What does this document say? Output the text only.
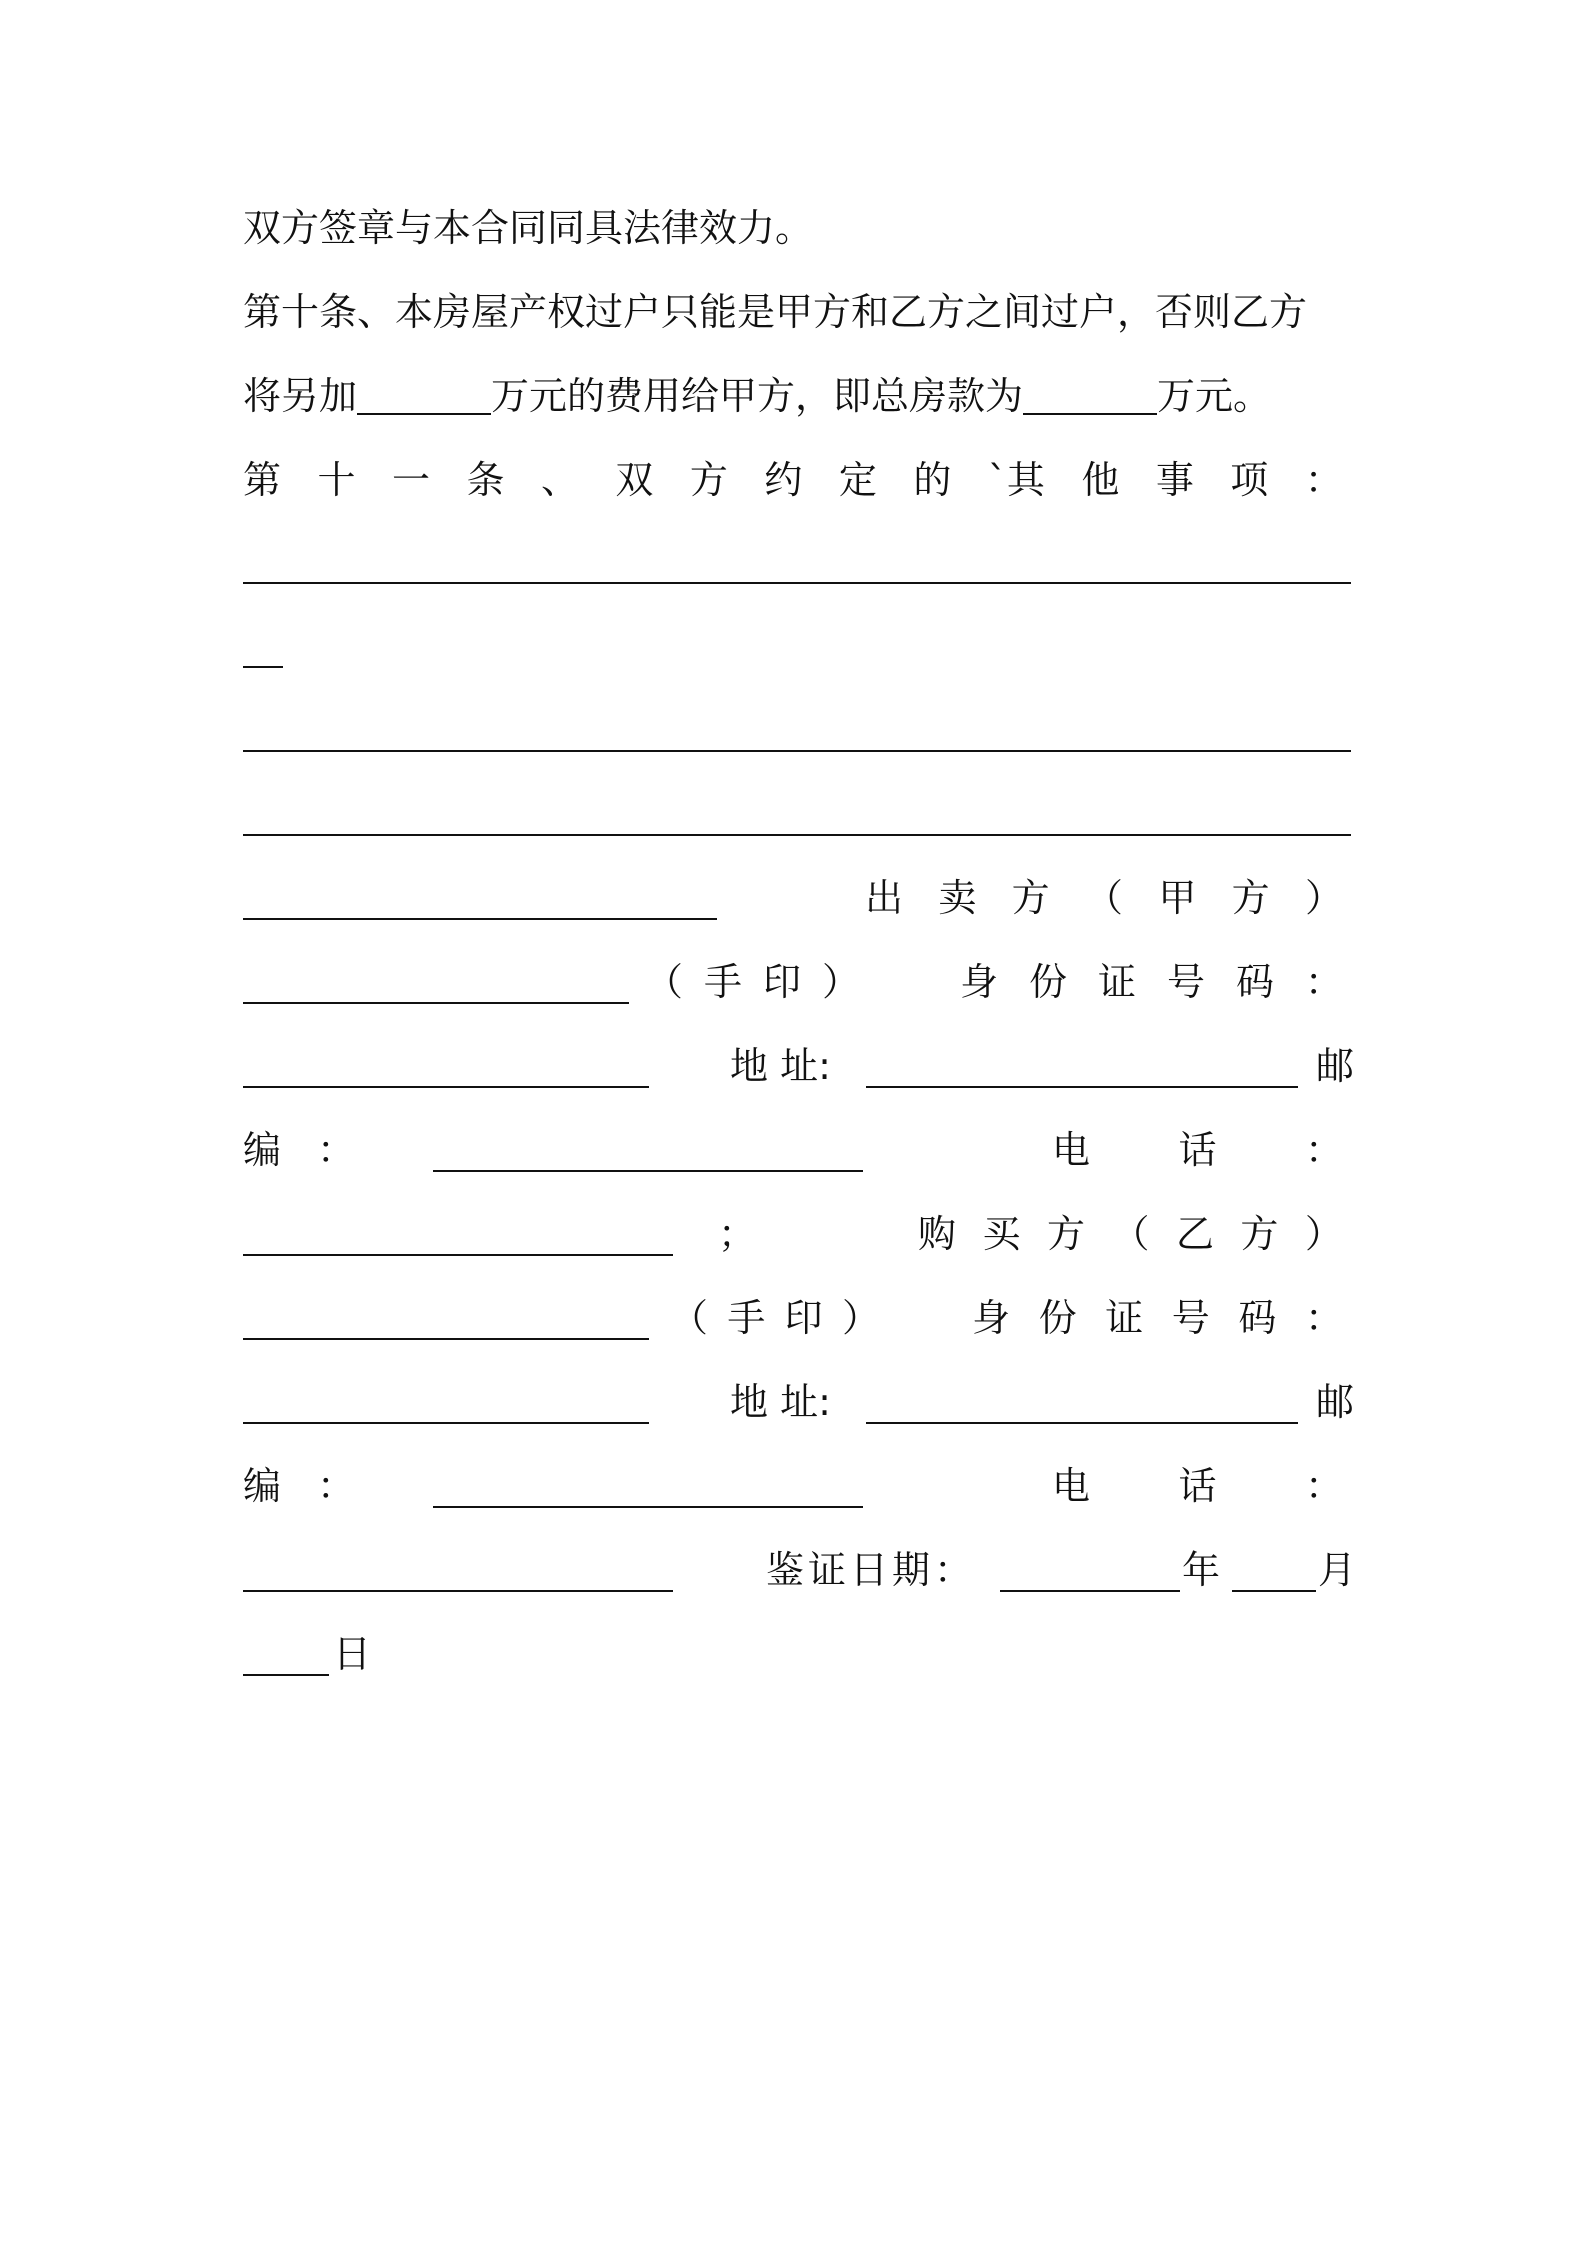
双方签章与本合同同具法律效力。
第十条、本房屋产权过户只能是甲方和乙方之间过户，否则乙方
将另加	万元的费用给甲方，即总房款为	万元。
第 十 一 条 、 双 方 约 定 的 `其 他 事 项 ：
出 卖 方 （ 甲 方 ）
（ 手 印 ）	身 份 证 号 码 ：
地 址:	邮
编 ：	电 话 ：
；	购 买 方 （ 乙 方 ）
（ 手 印 ） 身 份 证 号 码 ：
地 址:	邮
编 ：	电 话 ：
鉴证日期：	年	月
日
